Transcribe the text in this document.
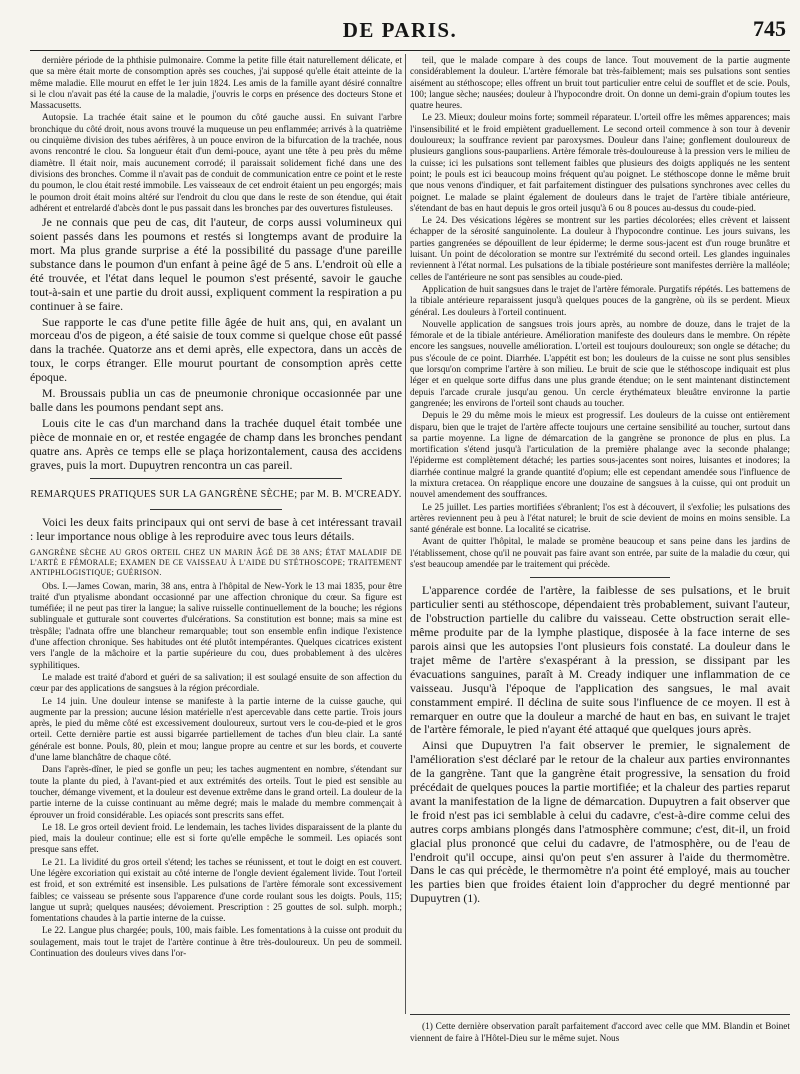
DE PARIS.	745

dernière période de la phthisie pulmonaire. Comme la petite fille était naturellement délicate, et que sa mère était morte de consomption après ses couches, j'ai supposé qu'elle était atteinte de la même maladie. Elle mourut en effet le 1er juin 1824. Les amis de la famille ayant désiré connaître si le clou n'avait pas été la cause de la maladie, j'ouvris le corps en présence des docteurs Stone et Massacusetts.

Autopsie. La trachée était saine et le poumon du côté gauche aussi. En suivant l'arbre bronchique du côté droit, nous avons trouvé la muqueuse un peu enflammée; arrivés à la quatrième ou cinquième division des tubes aérifères, à un pouce environ de la bifurcation de la trachée, nous avons rencontré le clou. Sa longueur était d'un demi-pouce, ayant une tête à peu près du même diamètre. Il était noir, mais aucunement corrodé; il paraissait solidement fiché dans une des divisions des bronches. Comme il n'avait pas de conduit de communication entre ce point et le reste du poumon, le clou était resté immobile. Les vaisseaux de cet endroit étaient un peu engorgés; mais le poumon droit était moins altéré sur l'endroit du clou que dans le reste de son étendue, qui était adhérent et entrelardé d'abcès dont le pus passait dans les bronches par des ouvertures fistuleuses.

Je ne connais que peu de cas, dit l'auteur, de corps aussi volumineux qui soient passés dans les poumons et restés si longtemps avant de produire la mort. Ma plus grande surprise a été la possibilité du passage d'une pareille substance dans le poumon d'un enfant à peine âgé de 5 ans. L'endroit où elle a été trouvée, et l'état dans lequel le poumon s'est présenté, savoir le gauche tout-à-sain et une partie du droit aussi, expliquent comment la respiration a pu continuer à se faire.

Sue rapporte le cas d'une petite fille âgée de huit ans, qui, en avalant un morceau d'os de pigeon, a été saisie de toux comme si quelque chose eût passé dans la trachée. Quatorze ans et demi après, elle expectora, dans un accès de toux, le corps étranger. Elle mourut pourtant de consomption après cette époque.

M. Broussais publia un cas de pneumonie chronique occasionnée par une balle dans les poumons pendant sept ans.

Louis cite le cas d'un marchand dans la trachée duquel était tombée une pièce de monnaie en or, et restée engagée de champ dans les bronches pendant quatre ans. Après ce temps elle se plaça horizontalement, causa des accidens graves, puis la mort. Dupuytren rencontra un cas pareil.

REMARQUES PRATIQUES SUR LA GANGRÈNE SÈCHE; par M. B. M'CREADY.

Voici les deux faits principaux qui ont servi de base à cet intéressant travail : leur importance nous oblige à les reproduire avec tous leurs détails.

GANGRÈNE SÈCHE AU GROS ORTEIL CHEZ UN MARIN ÂGÉ DE 38 ANS; ÉTAT MALADIF DE L'ARTÈ E FÉMORALE; EXAMEN DE CE VAISSEAU À L'AIDE DU STÉTHOSCOPE; TRAITEMENT ANTIPHLOGISTIQUE; GUÉRISON.

Obs. I.—James Cowan, marin, 38 ans, entra à l'hôpital de New-York le 13 mai 1835, pour être traité d'un ptyalisme abondant occasionné par une affection chronique du cœur. Sa figure est tuméfiée; il ne peut pas tirer la langue; la salive ruisselle continuellement de la bouche; les régions sublinguale et gutturale sont couvertes d'ulcérations. Sa constitution est bonne; mais sa mine est trèspâle; l'adnata offre une blancheur remarquable; tout son ensemble enfin indique l'existence d'une affection chronique. Ses habitudes ont été plutôt intempérantes. Quelques cicatrices existent vers l'angle de la mâchoire et la partie supérieure du cou, dues probablement à des ulcères syphilitiques.

Le malade est traité d'abord et guéri de sa salivation; il est soulagé ensuite de son affection du cœur par des applications de sangsues à la région précordiale.

Le 14 juin. Une douleur intense se manifeste à la partie interne de la cuisse gauche, qui augmente par la pression; aucune lésion matérielle n'est apercevable dans cette partie. Trois jours après, le pied du même côté est excessivement douloureux, surtout vers le cou-de-pied et le gros orteil. Cette dernière partie est aussi bigarrée partiellement de taches d'un bleu clair. La santé générale est bonne. Pouls, 80, plein et mou; langue propre au centre et sur les bords, et couverte d'une lame blanchâtre de chaque côté.

Dans l'après-dîner, le pied se gonfle un peu; les taches augmentent en nombre, s'étendant sur toute la plante du pied, à l'avant-pied et aux extrémités des orteils. Tout le pied est sensible au toucher, démange vivement, et la douleur est devenue extrême dans le grand orteil. La douleur de la partie interne de la cuisse continuant au même degré; mais le malade du membre commençait à éprouver un froid considérable. Les opiacés sont prescrits sans effet.

Le 18. Le gros orteil devient froid. Le lendemain, les taches livides disparaissent de la plante du pied, mais la douleur continue; elle est si forte qu'elle empêche le sommeil. Les opiacés sont presque sans effet.

Le 21. La lividité du gros orteil s'étend; les taches se réunissent, et tout le doigt en est couvert. Une légère excoriation qui existait au côté interne de l'ongle devient également livide. Tout l'orteil est froid, et son extrémité est insensible. Les pulsations de l'artère fémorale sont excessivement faibles; ce vaisseau se présente sous l'apparence d'une corde roulant sous les doigts. Pouls, 115; langue ut suprà; quelques nausées; dévoiement. Prescription : 25 gouttes de sol. sulph. morph.; fomentations chaudes à la partie interne de la cuisse.

Le 22. Langue plus chargée; pouls, 100, mais faible. Les fomentations à la cuisse ont produit du soulagement, mais tout le trajet de l'artère continue à être très-douloureux. Un peu de sommeil. Continuation des douleurs vives dans l'or-

teil, que le malade compare à des coups de lance. Tout mouvement de la partie augmente considérablement la douleur. L'artère fémorale bat très-faiblement; mais ses pulsations sont senties aisément au stéthoscope; elles offrent un bruit tout particulier entre celui de soufflet et de scie. Pouls, 100; langue sèche; nausées; douleur à l'hypocondre droit. On donne un demi-grain d'opium toutes les quatre heures.

Le 23. Mieux; douleur moins forte; sommeil réparateur. L'orteil offre les mêmes apparences; mais l'insensibilité et le froid empiètent graduellement. Le second orteil commence à son tour à devenir douloureux; la souffrance revient par paroxysmes. Douleur dans l'aine; gonflement douloureux de plusieurs ganglions sous-pauparliens. Artère fémorale très-douloureuse à la pression vers le milieu de la cuisse; ici les pulsations sont tellement faibles que plusieurs des doigts appliqués ne les sentent point; le pouls est ici beaucoup moins fréquent qu'au poignet. Le stéthoscope donne le même bruit que nous venons d'indiquer, et fait parfaitement distinguer des pulsations synchrones avec celles du poignet. Le malade se plaint également de douleurs dans le trajet de l'artère tibiale antérieure, s'étendant de bas en haut depuis le gros orteil jusqu'à 6 ou 8 pouces au-dessus du coude-pied.

Le 24. Des vésications légères se montrent sur les parties décolorées; elles crèvent et laissent échapper de la sérosité sanguinolente. La douleur à l'hypocondre continue. Les jours suivans, les parties gangrenées se dépouillent de leur épiderme; le derme sous-jacent est d'un rouge brunâtre et luisant. Un point de décoloration se montre sur l'extrémité du second orteil. Les glandes inguinales reviennent à l'état normal. Les pulsations de la tibiale postérieure sont manifestes derrière la malléole; celles de l'antérieure ne sont pas sensibles au coude-pied.

Application de huit sangsues dans le trajet de l'artère fémorale. Purgatifs répétés. Les battemens de la tibiale antérieure reparaissent jusqu'à quelques pouces de la gangrène, où ils se perdent. Mieux général. Les douleurs à l'orteil continuent.

Nouvelle application de sangsues trois jours après, au nombre de douze, dans le trajet de la fémorale et de la tibiale antérieure. Amélioration manifeste des douleurs dans le membre. On répète encore les sangsues, nouvelle amélioration. L'orteil est toujours douloureux; son ongle se détache; du pus s'écoule de ce point. Diarrhée. L'appétit est bon; les douleurs de la cuisse ne sont plus sensibles que lorsqu'on comprime l'artère à son milieu. Le bruit de scie que le stéthoscope indiquait est plus léger et en quelque sorte diffus dans une plus grande étendue; on le sent maintenant distinctement depuis l'arcade crurale jusqu'au genou. Un cercle érythémateux bleuâtre environne la partie gangrenée; les environs de l'orteil sont chauds au toucher.

Depuis le 29 du même mois le mieux est progressif. Les douleurs de la cuisse ont entièrement disparu, bien que le trajet de l'artère affecte toujours une certaine sensibilité au toucher, surtout dans sa partie moyenne. La ligne de démarcation de la gangrène se prononce de plus en plus. La mortification s'étend jusqu'à l'articulation de la première phalange avec la seconde phalange; l'épiderme est complètement détaché; les parties sous-jacentes sont noires, luisantes et inodores; la diarrhée continue malgré la grande quantité d'opium; elle est cependant amendée sous l'influence de la mixtura cretacea. On réapplique encore une douzaine de sangsues à la cuisse, qui ont produit un nouvel amendement des souffrances.

Le 25 juillet. Les parties mortifiées s'ébranlent; l'os est à découvert, il s'exfolie; les pulsations des artères reviennent peu à peu à l'état naturel; le bruit de scie devient de moins en moins sensible. La santé générale est bonne. La localité se cicatrise.

Avant de quitter l'hôpital, le malade se promène beaucoup et sans peine dans les jardins de l'établissement, chose qu'il ne pouvait pas faire avant son entrée, par suite de la maladie du cœur, qui s'est beaucoup amendée par le traitement qui précède.

L'apparence cordée de l'artère, la faiblesse de ses pulsations, et le bruit particulier senti au stéthoscope, dépendaient très probablement, suivant l'auteur, de l'obstruction partielle du calibre du vaisseau. Cette obstruction serait elle-même produite par de la lymphe plastique, disposée à la face interne de ses parois ainsi que les autopsies l'ont plusieurs fois constaté. La douleur dans le trajet même de l'artère s'exaspérant à la pression, se dissipant par les évacuations sanguines, paraît à M. Cready indiquer une inflammation de ce vaisseau. Jusqu'à l'époque de l'application des sangsues, le mal avait constamment empiré. Il déclina de suite sous l'influence de ce moyen. Il est à remarquer en outre que la douleur a marché de haut en bas, en suivant le trajet de l'artère fémorale, le pied n'ayant été attaqué que quelques jours après.

Ainsi que Dupuytren l'a fait observer le premier, le signalement de l'amélioration s'est déclaré par le retour de la chaleur aux parties environnantes de la gangrène. Tant que la gangrène était progressive, la sensation du froid précédait de quelques pouces la partie mortifiée; et la chaleur des parties reparut avant la manifestation de la ligne de démarcation. Dupuytren a fait observer que le froid n'est pas ici semblable à celui du cadavre, c'est-à-dire comme celui des autres corps ambians plongés dans l'atmosphère commune; c'est, dit-il, un froid glacial plus prononcé que celui du cadavre, de l'atmosphère, ou de l'eau de l'endroit qu'il occupe, ainsi qu'on peut s'en assurer à l'aide du thermomètre. Dans le cas qui précède, le thermomètre n'a point été employé, mais au toucher les parties bien que froides étaient loin d'approcher du degré mentionné par Dupuytren (1).

(1) Cette dernière observation paraît parfaitement d'accord avec celle que MM. Blandin et Boinet viennent de faire à l'Hôtel-Dieu sur le même sujet. Nous
